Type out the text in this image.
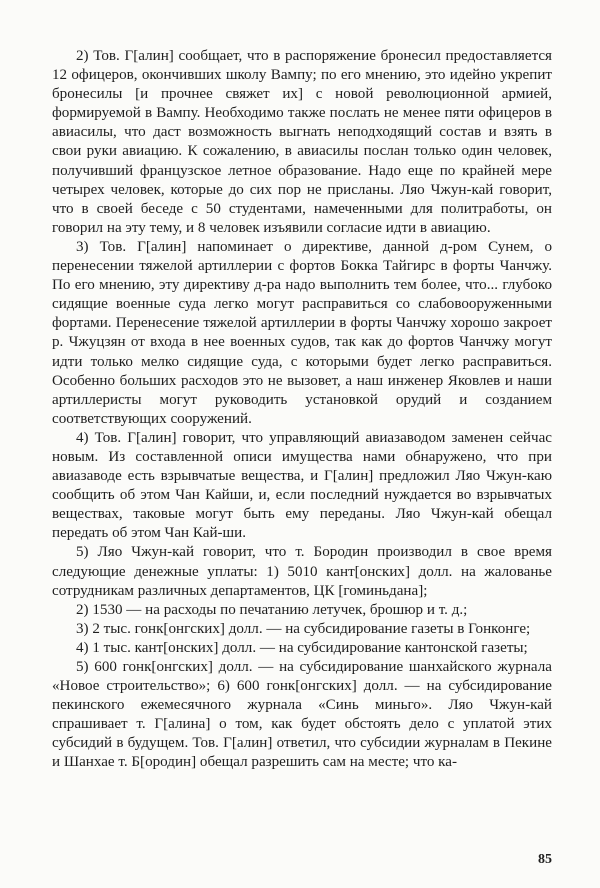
2) Тов. Г[алин] сообщает, что в распоряжение бронесил предоставляется 12 офицеров, окончивших школу Вампу; по его мнению, это идейно укрепит бронесилы [и прочнее свяжет их] с новой революционной армией, формируемой в Вампу. Необходимо также послать не менее пяти офицеров в авиасилы, что даст возможность выгнать неподходящий состав и взять в свои руки авиацию. К сожалению, в авиасилы послан только один человек, получивший французское летное образование. Надо еще по крайней мере четырех человек, которые до сих пор не присланы. Ляо Чжун-кай говорит, что в своей беседе с 50 студентами, намеченными для политработы, он говорил на эту тему, и 8 человек изъявили согласие идти в авиацию.

3) Тов. Г[алин] напоминает о директиве, данной д-ром Сунем, о перенесении тяжелой артиллерии с фортов Бокка Тайгирс в форты Чанчжу. По его мнению, эту директиву д-ра надо выполнить тем более, что... глубоко сидящие военные суда легко могут расправиться со слабовооруженными фортами. Перенесение тяжелой артиллерии в форты Чанчжу хорошо закроет р. Чжуцзян от входа в нее военных судов, так как до фортов Чанчжу могут идти только мелко сидящие суда, с которыми будет легко расправиться. Особенно больших расходов это не вызовет, а наш инженер Яковлев и наши артиллеристы могут руководить установкой орудий и созданием соответствующих сооружений.

4) Тов. Г[алин] говорит, что управляющий авиазаводом заменен сейчас новым. Из составленной описи имущества нами обнаружено, что при авиазаводе есть взрывчатые вещества, и Г[алин] предложил Ляо Чжун-каю сообщить об этом Чан Кайши, и, если последний нуждается во взрывчатых веществах, таковые могут быть ему переданы. Ляо Чжун-кай обещал передать об этом Чан Кай-ши.

5) Ляо Чжун-кай говорит, что т. Бородин производил в свое время следующие денежные уплаты: 1) 5010 кант[онских] долл. на жалованье сотрудникам различных департаментов, ЦК [гоминьдана];

2) 1530 — на расходы по печатанию летучек, брошюр и т. д.;

3) 2 тыс. гонк[онгских] долл. — на субсидирование газеты в Гонконге;

4) 1 тыс. кант[онских] долл. — на субсидирование кантонской газеты;

5) 600 гонк[онгских] долл. — на субсидирование шанхайского журнала «Новое строительство»; 6) 600 гонк[онгских] долл. — на субсидирование пекинского ежемесячного журнала «Синь миньго». Ляо Чжун-кай спрашивает т. Г[алина] о том, как будет обстоять дело с уплатой этих субсидий в будущем. Тов. Г[алин] ответил, что субсидии журналам в Пекине и Шанхае т. Б[ородин] обещал разрешить сам на месте; что ка-

85
